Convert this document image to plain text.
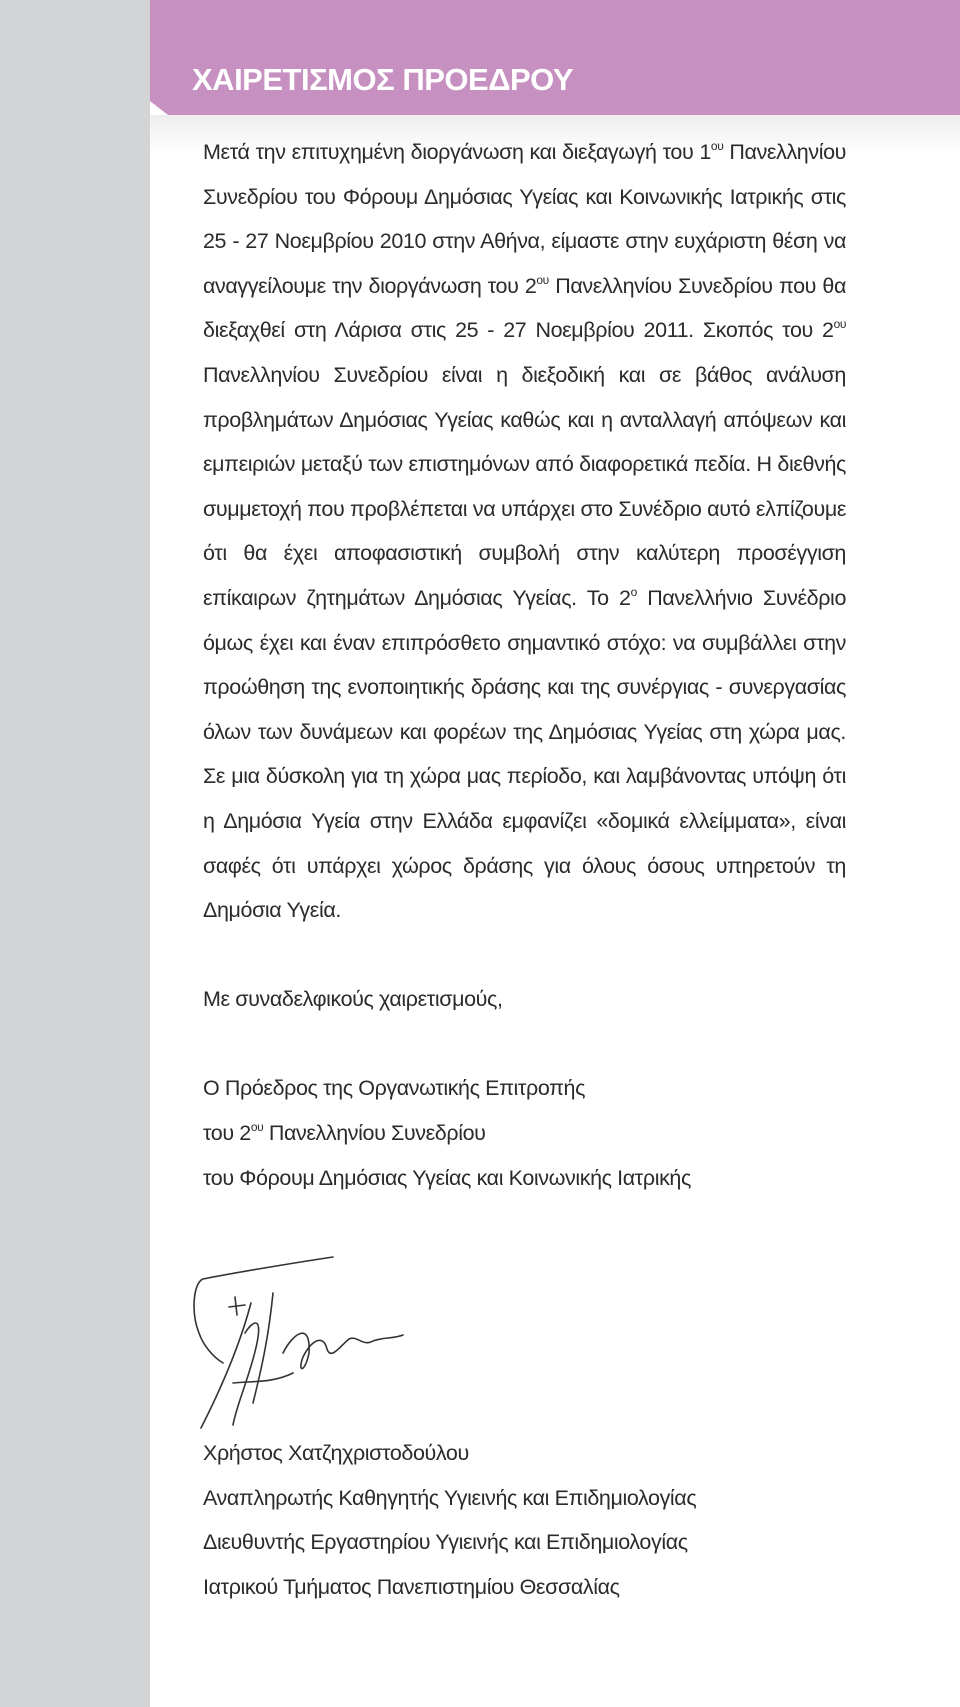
ΧΑΙΡΕΤΙΣΜΟΣ ΠΡΟΕΔΡΟΥ

Μετά την επιτυχημένη διοργάνωση και διεξαγωγή του 1$^{o\upsilon}$ Πανελληνίου Συνεδρίου του Φόρουμ Δημόσιας Υγείας και Κοινωνικής Ιατρικής στις 25 - 27 Νοεμβρίου 2010 στην Αθήνα, είμαστε στην ευχάριστη θέση να αναγγείλουμε την διοργάνωση του 2$^{o\upsilon}$ Πανελληνίου Συνεδρίου που θα διεξαχθεί στη Λάρισα στις 25 - 27 Νοεμβρίου 2011. Σκοπός του 2$^{o\upsilon}$ Πανελληνίου Συνεδρίου είναι η διεξοδική και σε βάθος ανάλυση προβλημάτων Δημόσιας Υγείας καθώς και η ανταλλαγή απόψεων και εμπειριών μεταξύ των επιστημόνων από διαφορετικά πεδία. Η διεθνής συμμετοχή που προβλέπεται να υπάρχει στο Συνέδριο αυτό ελπίζουμε ότι θα έχει αποφασιστική συμβολή στην καλύτερη προσέγγιση επίκαιρων ζητημάτων Δημόσιας Υγείας. Το 2$^o$ Πανελλήνιο Συνέδριο όμως έχει και έναν επιπρόσθετο σημαντικό στόχο: να συμβάλλει στην προώθηση της ενοποιητικής δράσης και της συνέργιας - συνεργασίας όλων των δυνάμεων και φορέων της Δημόσιας Υγείας στη χώρα μας. Σε μια δύσκολη για τη χώρα μας περίοδο, και λαμβάνοντας υπόψη ότι η Δημόσια Υγεία στην Ελλάδα εμφανίζει «δομικά ελλείμματα», είναι σαφές ότι υπάρχει χώρος δράσης για όλους όσους υπηρετούν τη Δημόσια Υγεία.

Με συναδελφικούς χαιρετισμούς,

Ο Πρόεδρος της Οργανωτικής Επιτροπής

του 2$^{o\upsilon}$ Πανελληνίου Συνεδρίου

του Φόρουμ Δημόσιας Υγείας και Κοινωνικής Ιατρικής

Χρήστος Χατζηχριστοδούλου

Αναπληρωτής Καθηγητής Υγιεινής και Επιδημιολογίας

Διευθυντής Εργαστηρίου Υγιεινής και Επιδημιολογίας

Ιατρικού Τμήματος Πανεπιστημίου Θεσσαλίας
